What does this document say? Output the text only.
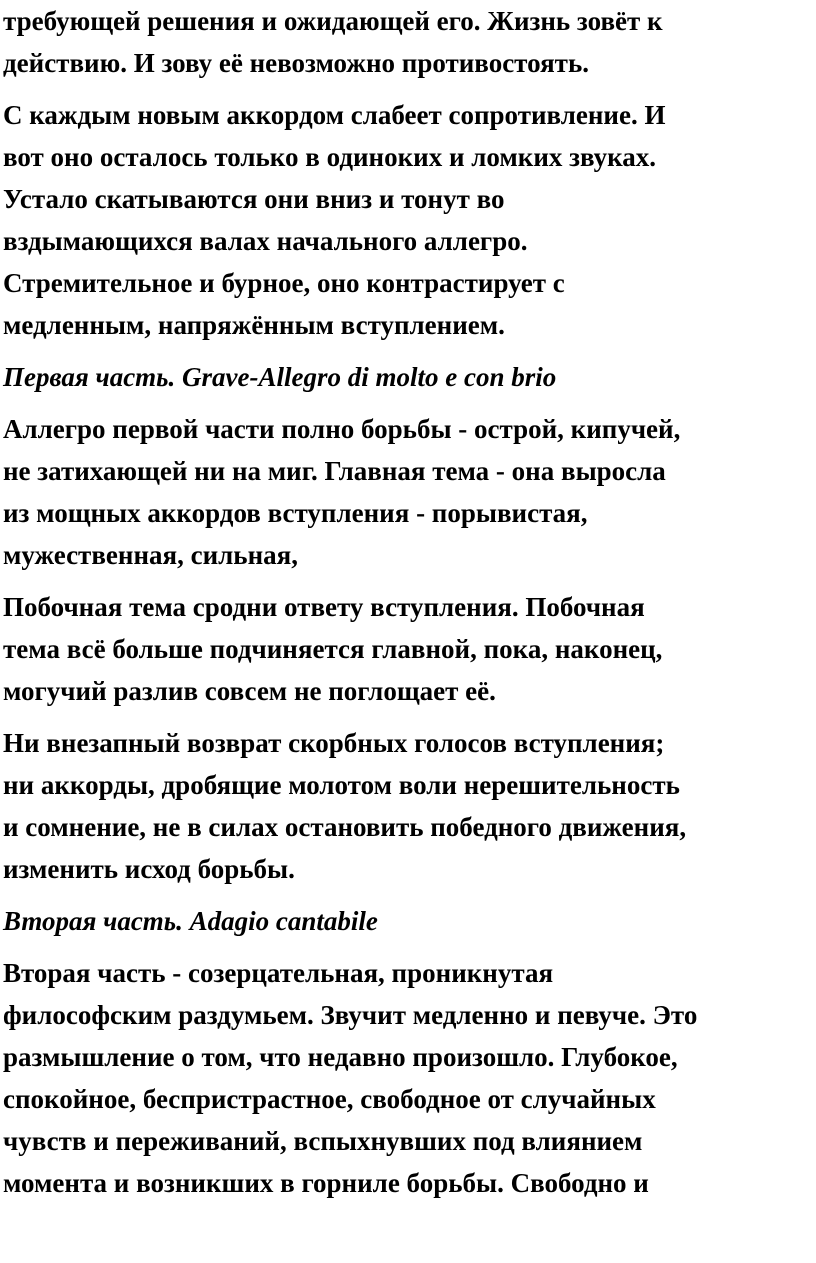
требующей решения и ожидающей его. Жизнь зовёт к
действию. И зову её невозможно противостоять.

С каждым новым аккордом слабеет сопротивление. И
вот оно осталось только в одиноких и ломких звуках.
Устало скатываются они вниз и тонут во
вздымающихся валах начального аллегро.
Стремительное и бурное, оно контрастирует с
медленным, напряжённым вступлением.

Первая часть. Grave-Allegro di molto e con brio

Аллегро первой части полно борьбы - острой, кипучей,
не затихающей ни на миг. Главная тема - она выросла
из мощных аккордов вступления - порывистая,
мужественная, сильная,

Побочная тема сродни ответу вступления. Побочная
тема всё больше подчиняется главной, пока, наконец,
могучий разлив совсем не поглощает её.

Ни внезапный возврат скорбных голосов вступления;
ни аккорды, дробящие молотом воли нерешительность
и сомнение, не в силах остановить победного движения,
изменить исход борьбы.

Вторая часть. Adagio cantabile

Вторая часть - созерцательная, проникнутая
философским раздумьем. Звучит медленно и певуче. Это
размышление о том, что недавно произошло. Глубокое,
спокойное, беспристрастное, свободное от случайных
чувств и переживаний, вспыхнувших под влиянием
момента и возникших в горниле борьбы. Свободно и
